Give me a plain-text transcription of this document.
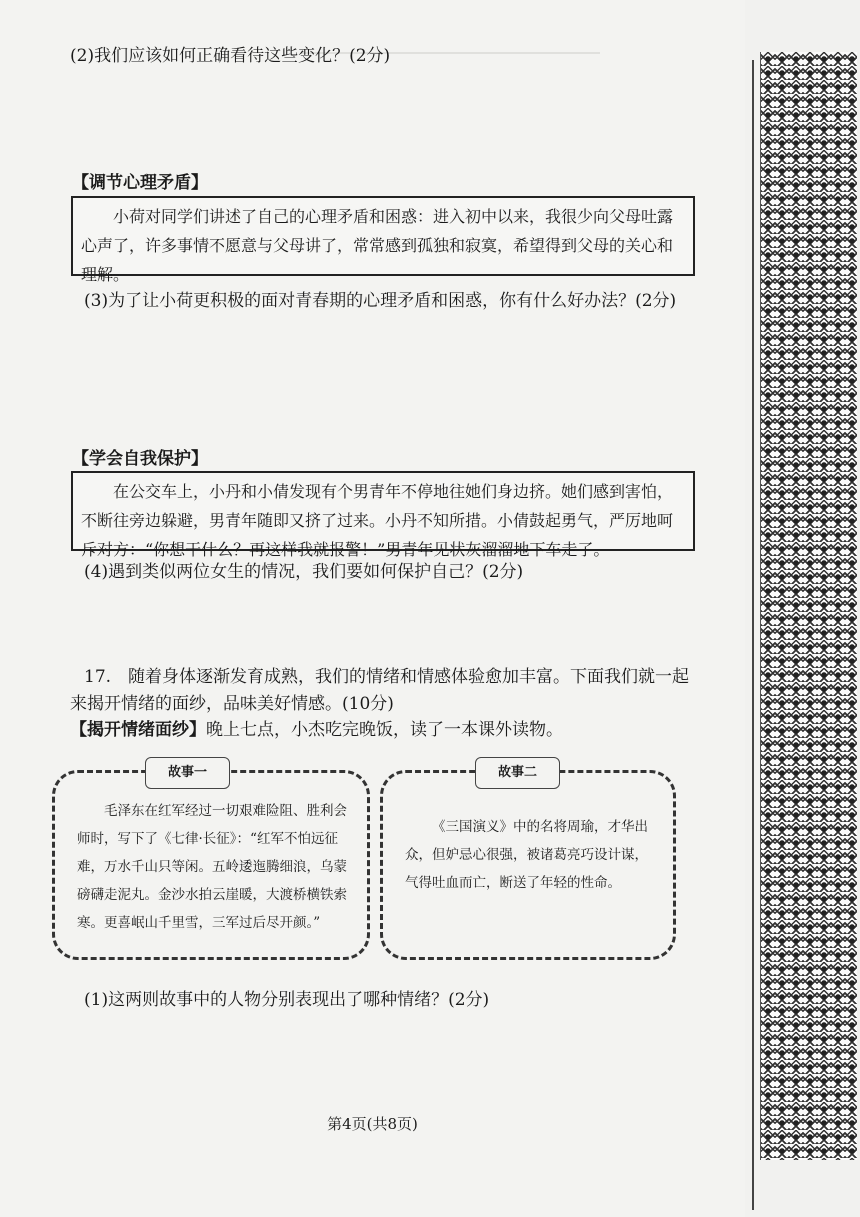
(2)我们应该如何正确看待这些变化？(2分)
【调节心理矛盾】
小荷对同学们讲述了自己的心理矛盾和困惑：进入初中以来，我很少向父母吐露心声了，许多事情不愿意与父母讲了，常常感到孤独和寂寞，希望得到父母的关心和理解。
(3)为了让小荷更积极的面对青春期的心理矛盾和困惑，你有什么好办法？(2分)
【学会自我保护】
在公交车上，小丹和小倩发现有个男青年不停地往她们身边挤。她们感到害怕，不断往旁边躲避，男青年随即又挤了过来。小丹不知所措。小倩鼓起勇气，严厉地呵斥对方：“你想干什么？再这样我就报警！”男青年见状灰溜溜地下车走了。
(4)遇到类似两位女生的情况，我们要如何保护自己？(2分)
17.　随着身体逐渐发育成熟，我们的情绪和情感体验愈加丰富。下面我们就一起
来揭开情绪的面纱，品味美好情感。(10分)
【揭开情绪面纱】晚上七点，小杰吃完晚饭，读了一本课外读物。
故事一

毛泽东在红军经过一切艰难险阻、胜利会师时，写下了《七律·长征》：“红军不怕远征难，万水千山只等闲。五岭逶迤腾细浪，乌蒙磅礴走泥丸。金沙水拍云崖暖，大渡桥横铁索寒。更喜岷山千里雪，三军过后尽开颜。”

故事二

《三国演义》中的名将周瑜，才华出众，但妒忌心很强，被诸葛亮巧设计谋，气得吐血而亡，断送了年轻的性命。

(1)这两则故事中的人物分别表现出了哪种情绪？(2分)
第4页(共8页)
